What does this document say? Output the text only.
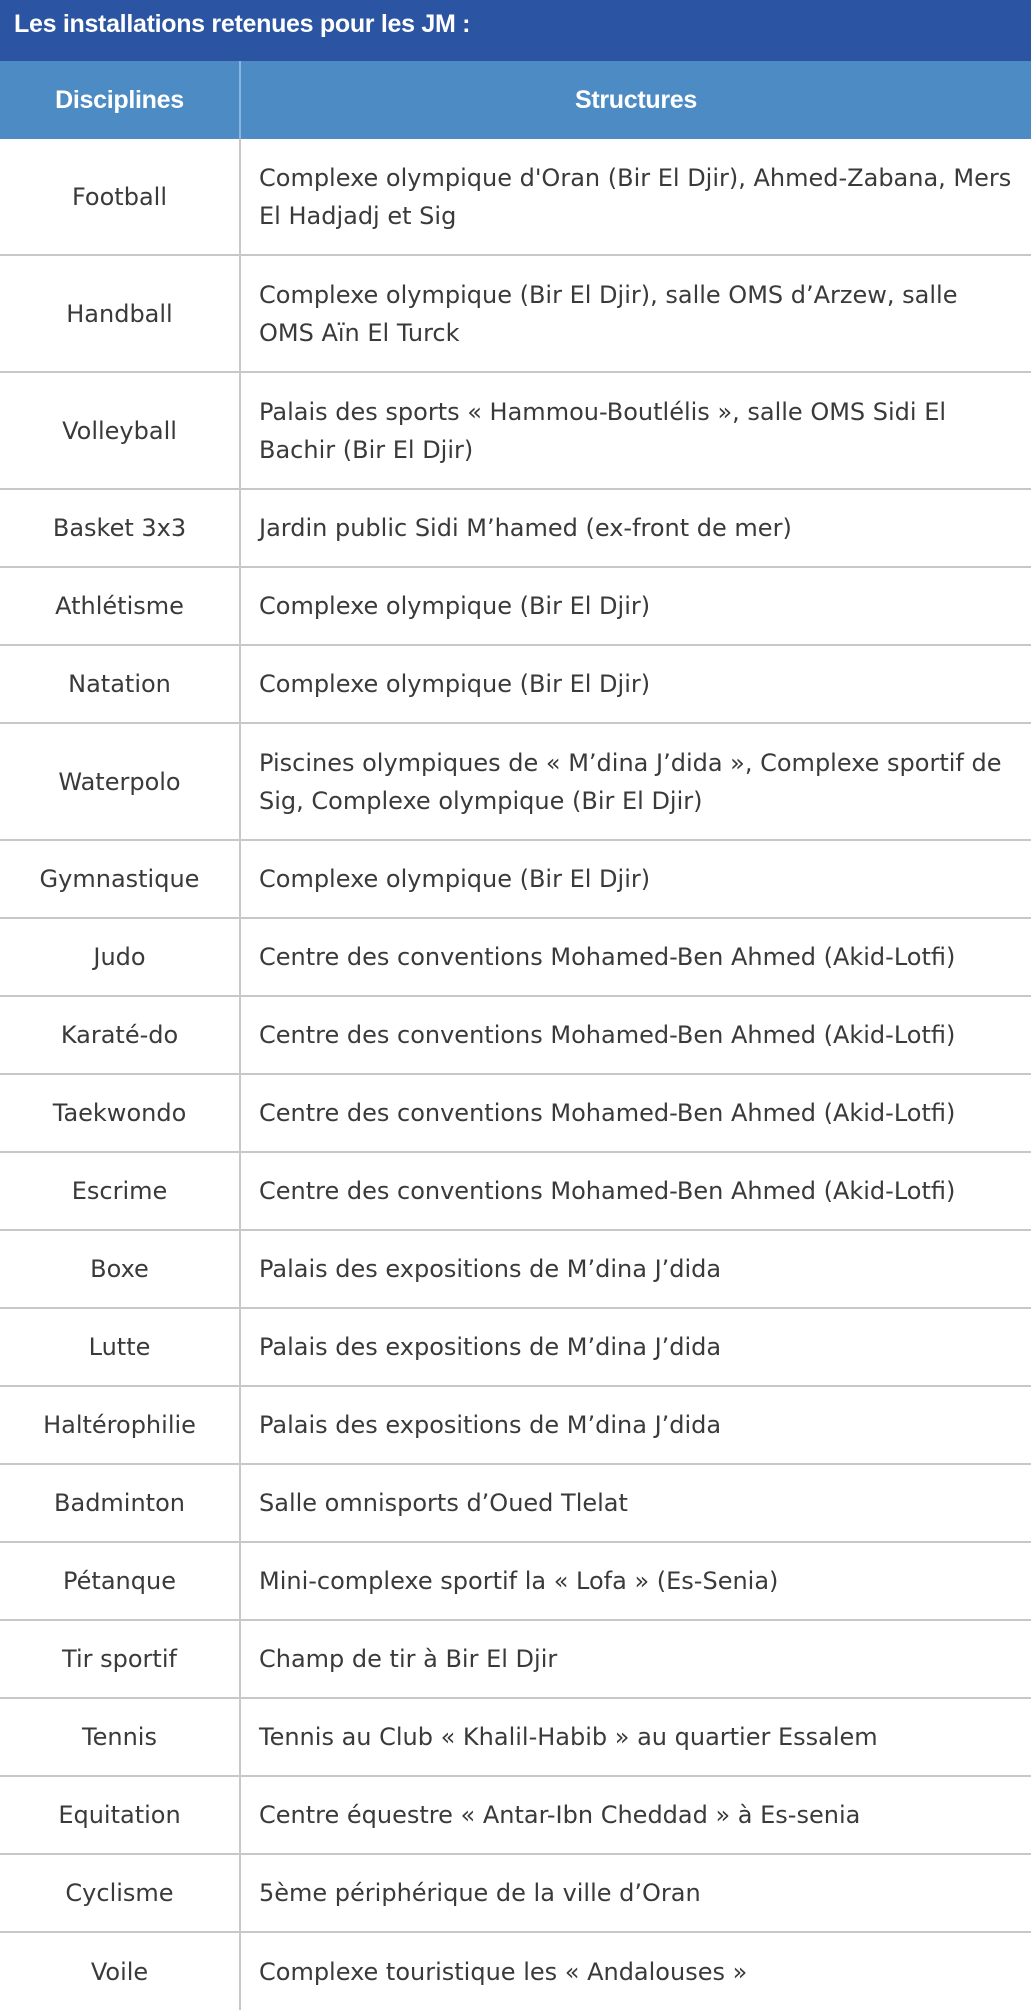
Les installations retenues pour les JM :
Disciplines	Structures
Football	Complexe olympique d'Oran (Bir El Djir), Ahmed-Zabana, Mers El Hadjadj et Sig
Handball	Complexe olympique (Bir El Djir), salle OMS d’Arzew, salle OMS Aïn El Turck
Volleyball	Palais des sports « Hammou-Boutlélis », salle OMS Sidi El Bachir (Bir El Djir)
Basket 3x3	Jardin public Sidi M’hamed (ex-front de mer)
Athlétisme	Complexe olympique (Bir El Djir)
Natation	Complexe olympique (Bir El Djir)
Waterpolo	Piscines olympiques de « M’dina J’dida », Complexe sportif de Sig, Complexe olympique (Bir El Djir)
Gymnastique	Complexe olympique (Bir El Djir)
Judo	Centre des conventions Mohamed-Ben Ahmed (Akid-Lotfi)
Karaté-do	Centre des conventions Mohamed-Ben Ahmed (Akid-Lotfi)
Taekwondo	Centre des conventions Mohamed-Ben Ahmed (Akid-Lotfi)
Escrime	Centre des conventions Mohamed-Ben Ahmed (Akid-Lotfi)
Boxe	Palais des expositions de M’dina J’dida
Lutte	Palais des expositions de M’dina J’dida
Haltérophilie	Palais des expositions de M’dina J’dida
Badminton	Salle omnisports d’Oued Tlelat
Pétanque	Mini-complexe sportif la « Lofa » (Es-Senia)
Tir sportif	Champ de tir à Bir El Djir
Tennis	Tennis au Club « Khalil-Habib » au quartier Essalem
Equitation	Centre équestre « Antar-Ibn Cheddad » à Es-senia
Cyclisme	5ème périphérique de la ville d’Oran
Voile	Complexe touristique les « Andalouses »
